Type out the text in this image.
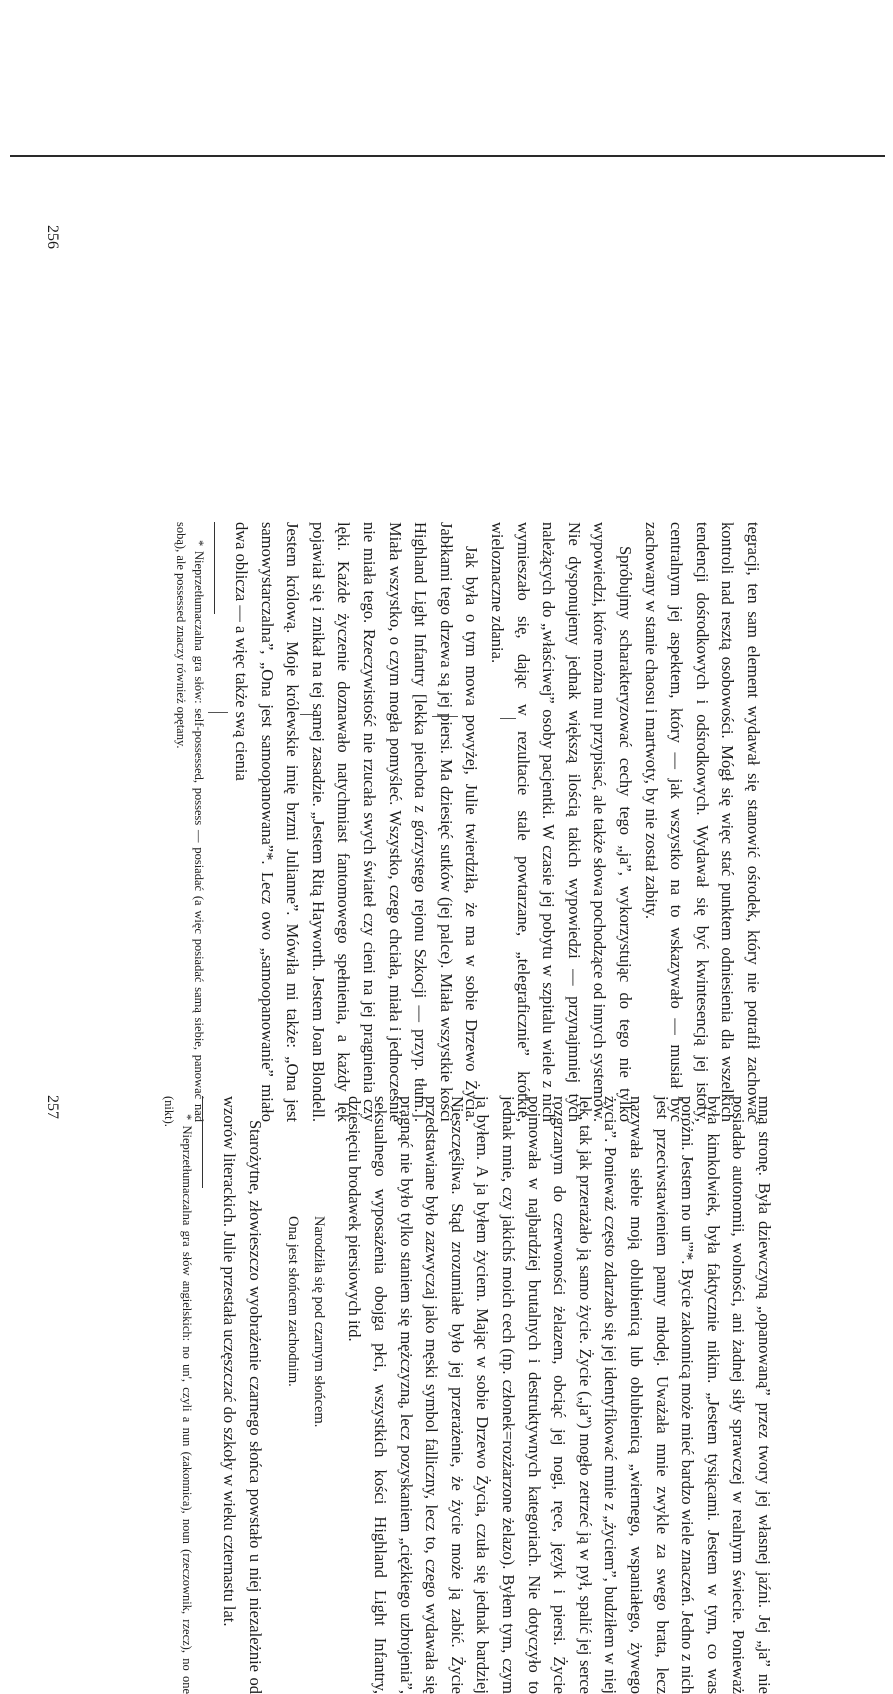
tegracji, ten sam element wydawał się stanowić ośrodek, który nie potrafił zachować kontroli nad resztą osobowości. Mógł się więc stać punktem odniesienia dla wszelkich tendencji dośrodkowych i odśrodkowych. Wydawał się być kwintesencją jej istoty, centralnym jej aspektem, który — jak wszystko na to wskazywało — musiał być zachowany w stanie chaosu i martwoty, by nie został zabity.

Spróbujmy scharakteryzować cechy tego „ja”, wykorzystując do tego nie tylko wypowiedzi, które można mu przypisać, ale także słowa pochodzące od innych systemów. Nie dysponujemy jednak większą ilością takich wypowiedzi — przynajmniej tych należących do „właściwej” osoby pacjentki. W czasie jej pobytu w szpitalu wiele z nich wymieszało się, dając w rezultacie stale powtarzane, „telegraficznie” krótkie, wieloznaczne zdania.

Jak była o tym mowa powyżej, Julie twierdziła, że ma w sobie Drzewo Życia. Jabłkami tego drzewa są jej piersi. Ma dziesięć sutków (jej palce). Miała wszystkie kości Highland Light Infantry [lekka piechota z górzystego rejonu Szkocji — przyp. tłum.]. Miała wszystko, o czym mogła pomyśleć. Wszystko, czego chciała, miała i jednocześnie nie miała tego. Rzeczywistość nie rzucała swych świateł czy cieni na jej pragnienia czy lęki. Każde życzenie doznawało natychmiast fantomowego spełnienia, a każdy lęk pojawiał się i znikał na tej samej zasadzie. „Jestem Ritą Hayworth. Jestem Joan Blondell. Jestem królową. Moje królewskie imię brzmi Julianne”. Mówiła mi także: „Ona jest samowystarczalna”, „Ona jest samoopanowana”*. Lecz owo „samoopanowanie” miało dwa oblicza — a więc także swą cienia

* Nieprzetłumaczalna gra słów: self-possessed, possess — posiadać (a więc posiadać samą siebie, panować nad sobą), ale possessed znaczy również opętany.

mną stronę. Była dziewczyną „opanowaną” przez twory jej własnej jaźni. Jej „ja” nie posiadało autonomii, wolności, ani żadnej siły sprawczej w realnym świecie. Ponieważ była kimkolwiek, była faktycznie nikim. „Jestem tysiącami. Jestem w tym, co was poróżni. Jestem no un'”*. Bycie zakonnicą może mieć bardzo wiele znaczeń. Jedno z nich jest przeciwstawieniem panny młodej. Uważała mnie zwykle za swego brata, lecz nazywała siebie moją oblubienicą lub oblubienicą „wiernego, wspaniałego, żywego życia”. Ponieważ często zdarzało się jej identyfikować mnie z „życiem”, budziłem w niej lęk, tak jak przerażało ją samo życie. Życie („ja”) mogło zetrzeć ją w pył, spalić jej serce rozgrzanym do czerwoności żelazem, obciąć jej nogi, ręce, język i piersi. Życie pojmowała w najbardziej brutalnych i destruktywnych kategoriach. Nie dotyczyło to jednak mnie, czy jakichś moich cech (np. członek=rozżarzone żelazo). Byłem tym, czym ja byłem. A ja byłem życiem. Mając w sobie Drzewo Życia, czuła się jednak bardziej Nieszczęśliwa. Stąd zrozumiałe było jej przerażenie, że życie może ją zabić. Życie przedstawiane było zazwyczaj jako męski symbol falliczny, lecz to, czego wydawała się pragnąć nie było tylko staniem się mężczyzną, lecz pozyskaniem „ciężkiego uzbrojenia”, seksualnego wyposażenia obojga płci, wszystkich kości Highland Light Infantry, dziesięciu brodawek piersiowych itd.

Narodziła się pod czarnym słońcem.
Ona jest słońcem zachodnim.

Starożytne, złowieszczo wyobrażenie czarnego słońca powstało u niej niezależnie od wzorów literackich. Julie przestała uczęszczać do szkoły w wieku czternastu lat.

* Nieprzetłumaczalna gra słów angielskich: no un', czyli a nun (zakonnica), noun (rzeczownik, rzecz), no one (nikt).

256
257
